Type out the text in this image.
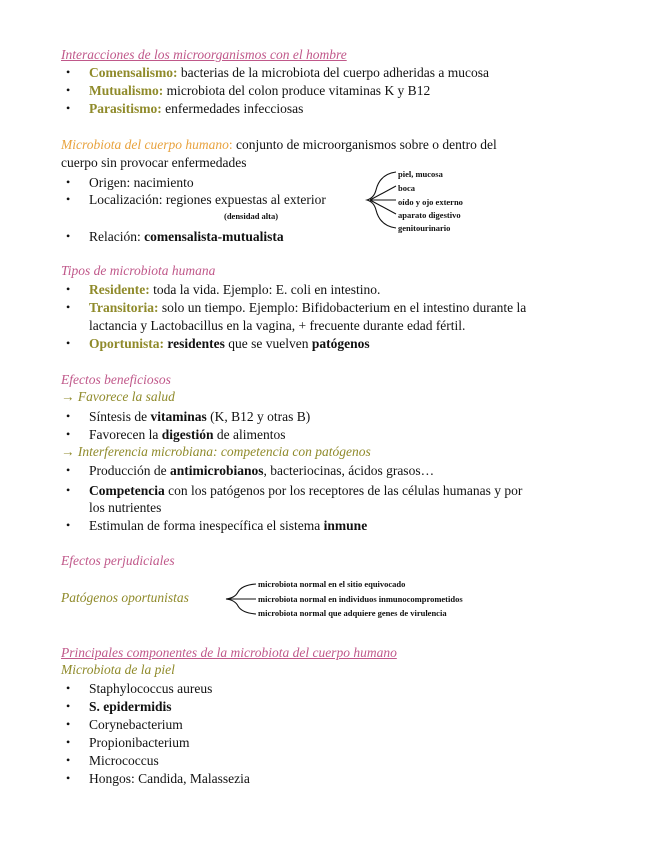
Interacciones de los microorganismos con el hombre
• Comensalismo: bacterias de la microbiota del cuerpo adheridas a mucosa
• Mutualismo: microbiota del colon produce vitaminas K y B12
• Parasitismo: enfermedades infecciosas
Microbiota del cuerpo humano: conjunto de microorganismos sobre o dentro del
cuerpo sin provocar enfermedades
• Origen: nacimiento
• Localización: regiones expuestas al exterior
(densidad alta)
• Relación: comensalista-mutualista
piel, mucosa
boca
oído y ojo externo
aparato digestivo
genitourinario
Tipos de microbiota humana
• Residente: toda la vida. Ejemplo: E. coli en intestino.
• Transitoria: solo un tiempo. Ejemplo: Bifidobacterium en el intestino durante la
lactancia y Lactobacillus en la vagina, + frecuente durante edad fértil.
• Oportunista: residentes que se vuelven patógenos
Efectos beneficiosos
→ Favorece la salud
• Síntesis de vitaminas (K, B12 y otras B)
• Favorecen la digestión de alimentos
→ Interferencia microbiana: competencia con patógenos
• Producción de antimicrobianos, bacteriocinas, ácidos grasos…
• Competencia con los patógenos por los receptores de las células humanas y por
los nutrientes
• Estimulan de forma inespecífica el sistema inmune
Efectos perjudiciales
Patógenos oportunistas
microbiota normal en el sitio equivocado
microbiota normal en individuos inmunocomprometidos
microbiota normal que adquiere genes de virulencia
Principales componentes de la microbiota del cuerpo humano
Microbiota de la piel
• Staphylococcus aureus
• S. epidermidis
• Corynebacterium
• Propionibacterium
• Micrococcus
• Hongos: Candida, Malassezia
